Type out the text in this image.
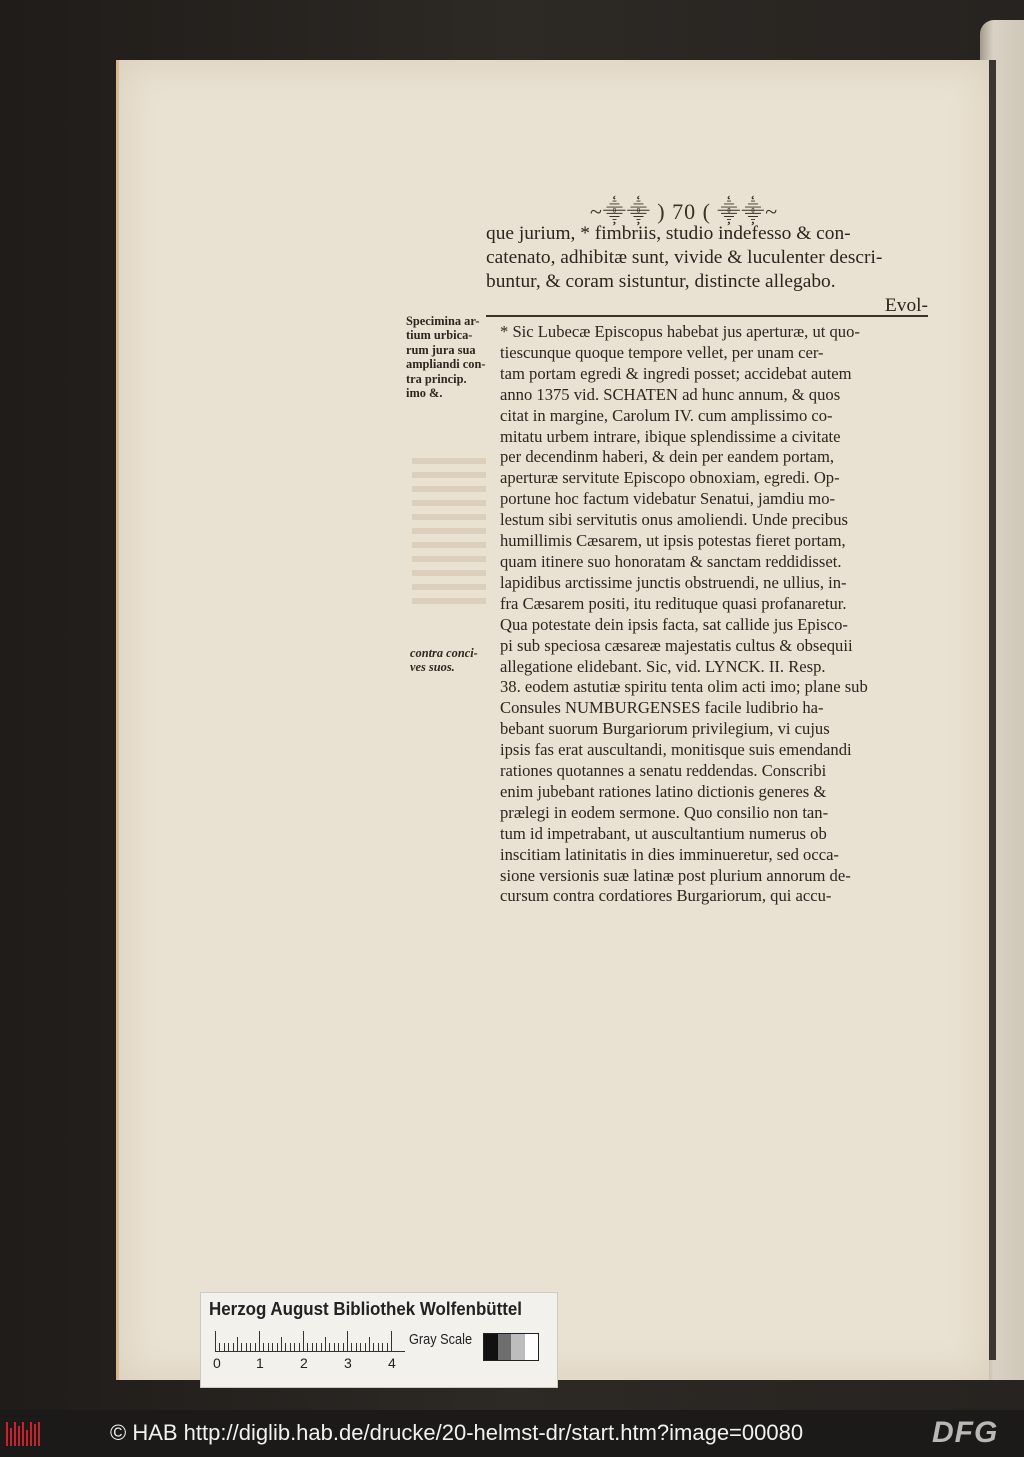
~⸎⸎ ) 70 ( ⸎⸎~
que jurium, * fimbriis, studio indefesso & con-
catenato, adhibitæ sunt, vivide & luculenter descri-
buntur, & coram sistuntur, distincte allegabo.
Evol-
Specimina ar-
tium urbica-
rum jura sua
ampliandi con-
tra princip.
imo &.
contra conci-
ves suos.
* Sic Lubecæ Episcopus habebat jus aperturæ, ut quo-
tiescunque quoque tempore vellet, per unam cer-
tam portam egredi & ingredi posset; accidebat autem
anno 1375 vid. SCHATEN ad hunc annum, & quos
citat in margine, Carolum IV. cum amplissimo co-
mitatu urbem intrare, ibique splendissime a civitate
per decendinm haberi, & dein per eandem portam,
aperturæ servitute Episcopo obnoxiam, egredi. Op-
portune hoc factum videbatur Senatui, jamdiu mo-
lestum sibi servitutis onus amoliendi. Unde precibus
humillimis Cæsarem, ut ipsis potestas fieret portam,
quam itinere suo honoratam & sanctam reddidisset.
lapidibus arctissime junctis obstruendi, ne ullius, in-
fra Cæsarem positi, itu redituque quasi profanaretur.
Qua potestate dein ipsis facta, sat callide jus Episco-
pi sub speciosa cæsareæ majestatis cultus & obsequii
allegatione elidebant. Sic, vid. LYNCK. II. Resp.
38. eodem astutiæ spiritu tenta olim acti imo; plane sub
Consules NUMBURGENSES facile ludibrio ha-
bebant suorum Burgariorum privilegium, vi cujus
ipsis fas erat auscultandi, monitisque suis emendandi
rationes quotannes a senatu reddendas. Conscribi
enim jubebant rationes latino dictionis generes &
prælegi in eodem sermone. Quo consilio non tan-
tum id impetrabant, ut auscultantium numerus ob
inscitiam latinitatis in dies imminueretur, sed occa-
sione versionis suæ latinæ post plurium annorum de-
cursum contra cordatiores Burgariorum, qui accu-
Herzog August Bibliothek Wolfenbüttel
0	1	2	3	4
Gray Scale
© HAB http://diglib.hab.de/drucke/20-helmst-dr/start.htm?image=00080	DFG
